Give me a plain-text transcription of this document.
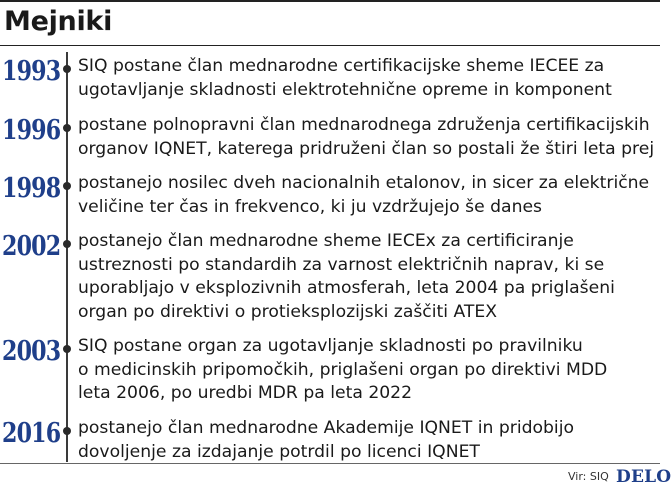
Mejniki
1993 SIQ postane član mednarodne certifikacijske sheme IECEE za
ugotavljanje skladnosti elektrotehnične opreme in komponent
1996 postane polnopravni član mednarodnega združenja certifikacijskih
organov IQNET, katerega pridruženi član so postali že štiri leta prej
1998 postanejo nosilec dveh nacionalnih etalonov, in sicer za električne
veličine ter čas in frekvenco, ki ju vzdržujejo še danes
2002 postanejo član mednarodne sheme IECEx za certificiranje
ustreznosti po standardih za varnost električnih naprav, ki se
uporabljajo v eksplozivnih atmosferah, leta 2004 pa priglašeni
organ po direktivi o protieksplozijski zaščiti ATEX
2003 SIQ postane organ za ugotavljanje skladnosti po pravilniku
o medicinskih pripomočkih, priglašeni organ po direktivi MDD
leta 2006, po uredbi MDR pa leta 2022
2016 postanejo član mednarodne Akademije IQNET in pridobijo
dovoljenje za izdajanje potrdil po licenci IQNET
Vir: SIQ DELO
